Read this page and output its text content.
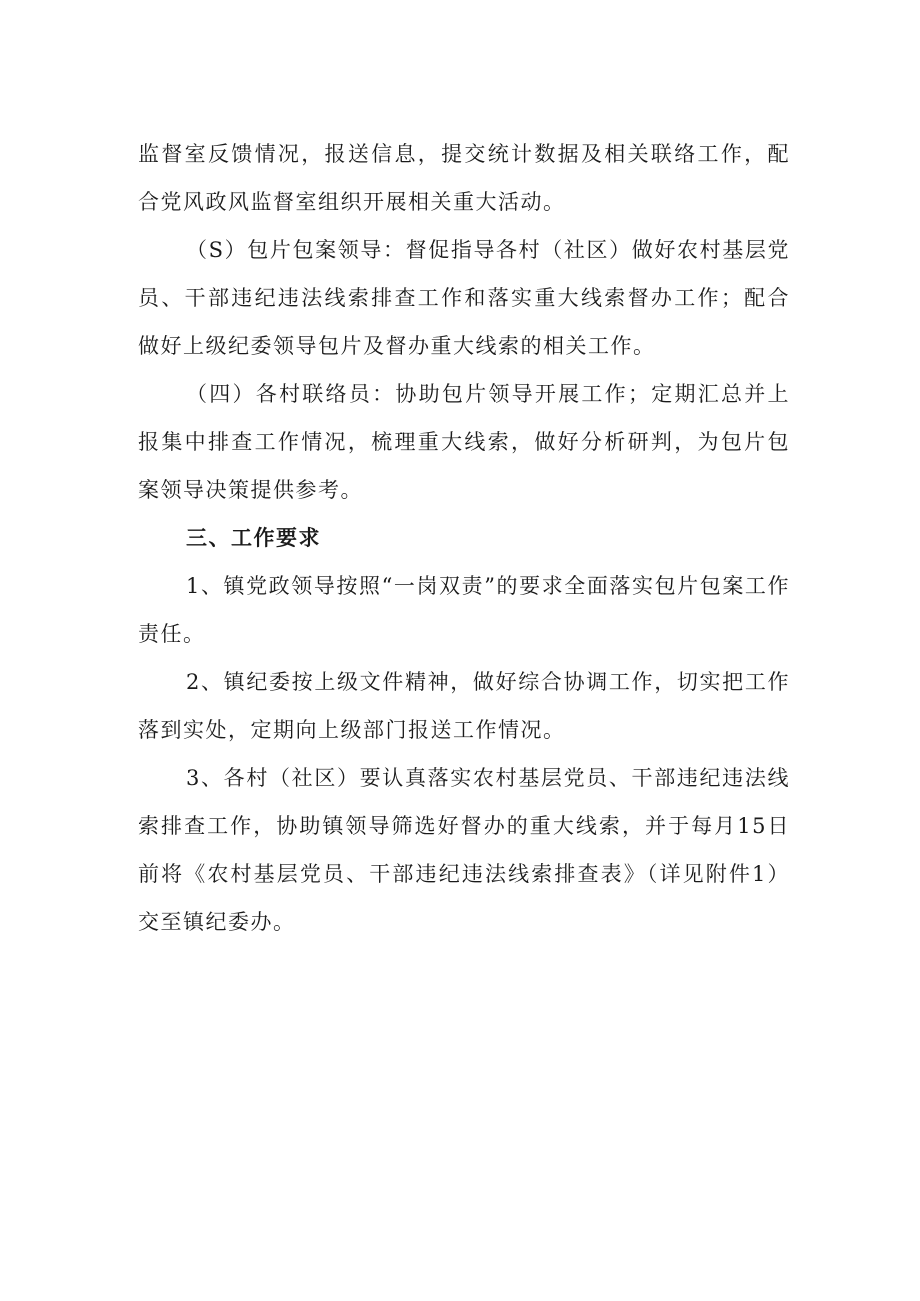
监督室反馈情况，报送信息，提交统计数据及相关联络工作，配合党风政风监督室组织开展相关重大活动。

（S）包片包案领导：督促指导各村（社区）做好农村基层党员、干部违纪违法线索排查工作和落实重大线索督办工作；配合做好上级纪委领导包片及督办重大线索的相关工作。

（四）各村联络员：协助包片领导开展工作；定期汇总并上报集中排查工作情况，梳理重大线索，做好分析研判，为包片包案领导决策提供参考。

三、工作要求

1、镇党政领导按照“一岗双责”的要求全面落实包片包案工作责任。

2、镇纪委按上级文件精神，做好综合协调工作，切实把工作落到实处，定期向上级部门报送工作情况。

3、各村（社区）要认真落实农村基层党员、干部违纪违法线索排查工作，协助镇领导筛选好督办的重大线索，并于每月15日前将《农村基层党员、干部违纪违法线索排查表》（详见附件1）交至镇纪委办。
